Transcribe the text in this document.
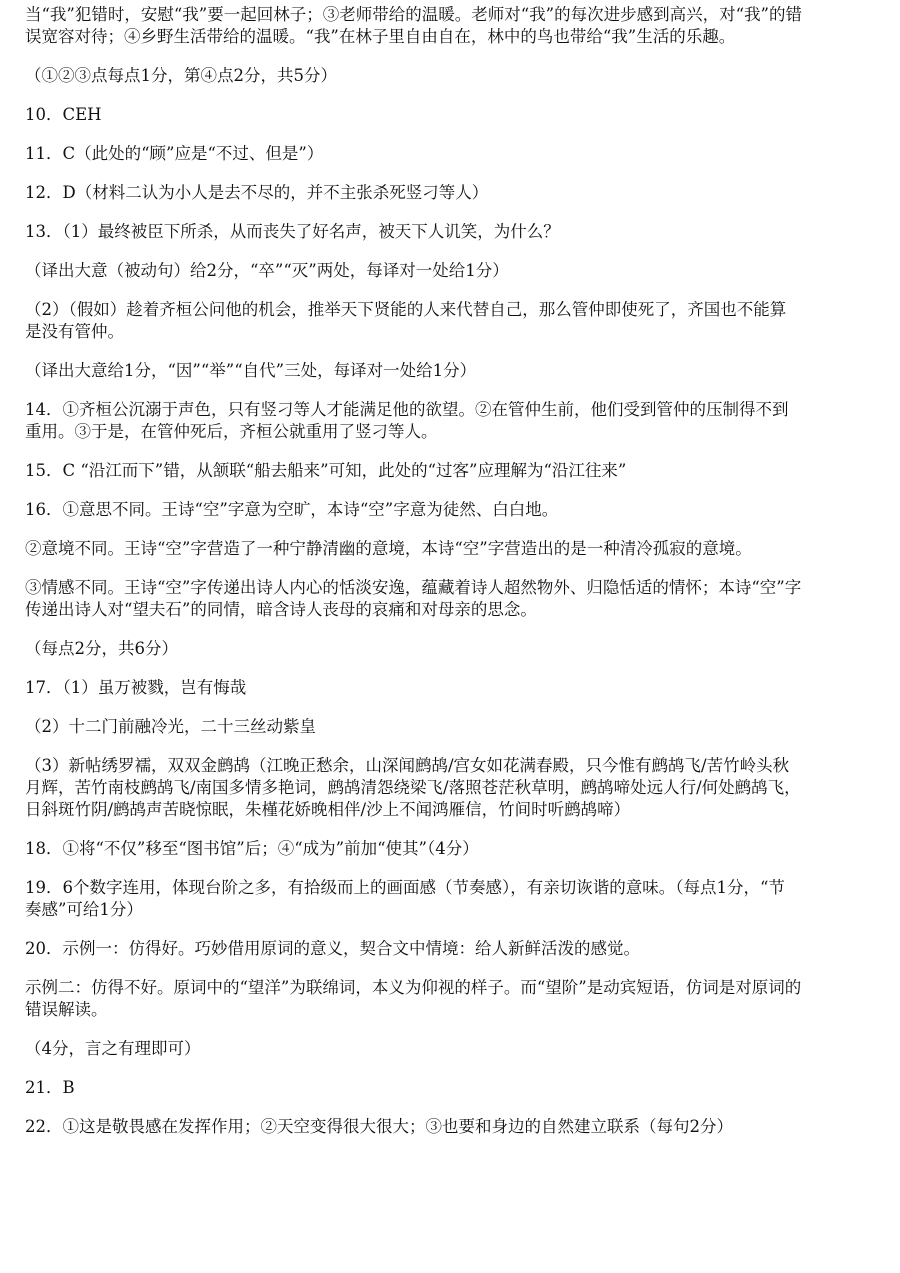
当“我”犯错时，安慰“我”要一起回林子；③老师带给的温暖。老师对“我”的每次进步感到高兴，对“我”的错
误宽容对待；④乡野生活带给的温暖。“我”在林子里自由自在，林中的鸟也带给“我”生活的乐趣。
（①②③点每点1分，第④点2分，共5分）
10．CEH
11．C（此处的“顾”应是“不过、但是”）
12．D（材料二认为小人是去不尽的，并不主张杀死竖刁等人）
13．（1）最终被臣下所杀，从而丧失了好名声，被天下人讥笑，为什么？
（译出大意（被动句）给2分，“卒”“灭”两处，每译对一处给1分）
（2）（假如）趁着齐桓公问他的机会，推举天下贤能的人来代替自己，那么管仲即使死了，齐国也不能算
是没有管仲。
（译出大意给1分，“因”“举”“自代”三处，每译对一处给1分）
14．①齐桓公沉溺于声色，只有竖刁等人才能满足他的欲望。②在管仲生前，他们受到管仲的压制得不到
重用。③于是，在管仲死后，齐桓公就重用了竖刁等人。
15．C “沿江而下”错，从颔联“船去船来”可知，此处的“过客”应理解为“沿江往来”
16．①意思不同。王诗“空”字意为空旷，本诗“空”字意为徒然、白白地。
②意境不同。王诗“空”字营造了一种宁静清幽的意境，本诗“空”字营造出的是一种清冷孤寂的意境。
③情感不同。王诗“空”字传递出诗人内心的恬淡安逸，蕴藏着诗人超然物外、归隐恬适的情怀；本诗“空”字
传递出诗人对“望夫石”的同情，暗含诗人丧母的哀痛和对母亲的思念。
（每点2分，共6分）
17．（1）虽万被戮，岂有悔哉
（2）十二门前融冷光，二十三丝动紫皇
（3）新帖绣罗襦，双双金鹧鸪（江晚正愁余，山深闻鹧鸪/宫女如花满春殿，只今惟有鹧鸪飞/苦竹岭头秋
月辉，苦竹南枝鹧鸪飞/南国多情多艳词，鹧鸪清怨绕梁飞/落照苍茫秋草明，鹧鸪啼处远人行/何处鹧鸪飞，
日斜斑竹阴/鹧鸪声苦晓惊眠，朱槿花娇晚相伴/沙上不闻鸿雁信，竹间时听鹧鸪啼）
18．①将“不仅”移至“图书馆”后；④“成为”前加“使其”（4分）
19．6个数字连用，体现台阶之多，有拾级而上的画面感（节奏感），有亲切诙谐的意味。（每点1分，“节
奏感”可给1分）
20．示例一：仿得好。巧妙借用原词的意义，契合文中情境：给人新鲜活泼的感觉。
示例二：仿得不好。原词中的“望洋”为联绵词，本义为仰视的样子。而“望阶”是动宾短语，仿词是对原词的
错误解读。
（4分，言之有理即可）
21．B
22．①这是敬畏感在发挥作用；②天空变得很大很大；③也要和身边的自然建立联系（每句2分）
